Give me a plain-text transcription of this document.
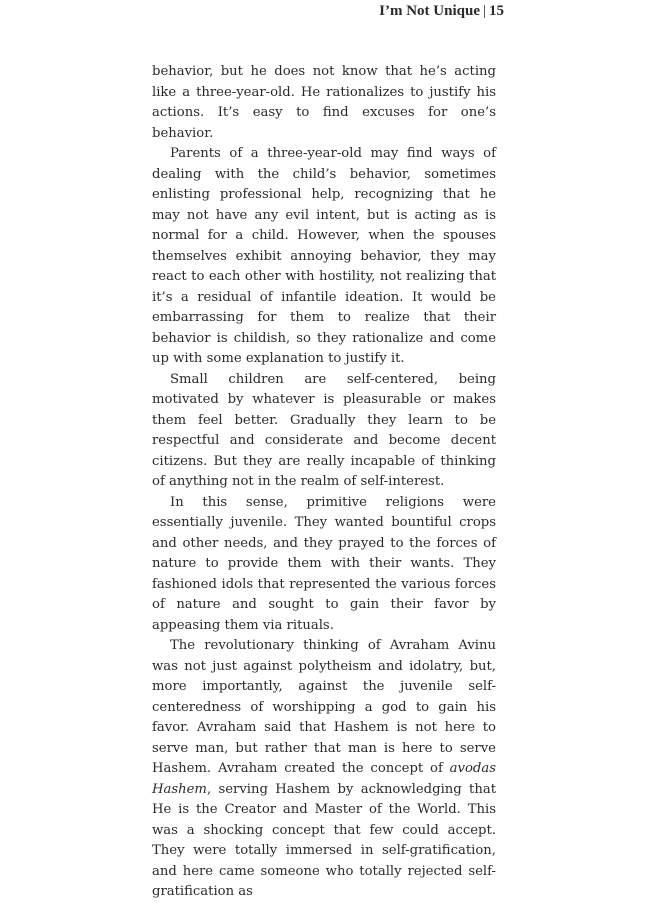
I’m Not Unique | 15

behavior, but he does not know that he’s acting like a three-year-old. He rationalizes to justify his actions. It’s easy to find excuses for one’s behavior.

Parents of a three-year-old may find ways of dealing with the child’s behavior, sometimes enlisting professional help, recognizing that he may not have any evil intent, but is acting as is normal for a child. However, when the spouses themselves exhibit annoying behavior, they may react to each other with hostility, not realizing that it’s a residual of infantile ideation. It would be embarrassing for them to realize that their behavior is childish, so they rationalize and come up with some explanation to justify it.

Small children are self-centered, being motivated by whatever is pleasurable or makes them feel better. Gradually they learn to be respectful and considerate and become decent citizens. But they are really incapable of thinking of anything not in the realm of self-interest.

In this sense, primitive religions were essentially juvenile. They wanted bountiful crops and other needs, and they prayed to the forces of nature to provide them with their wants. They fashioned idols that represented the various forces of nature and sought to gain their favor by appeasing them via rituals.

The revolutionary thinking of Avraham Avinu was not just against polytheism and idolatry, but, more importantly, against the juvenile self-centeredness of worshipping a god to gain his favor. Avraham said that Hashem is not here to serve man, but rather that man is here to serve Hashem. Avraham created the concept of avodas Hashem, serving Hashem by acknowledging that He is the Creator and Master of the World. This was a shocking concept that few could accept. They were totally immersed in self-gratification, and here came someone who totally rejected self-gratification as
